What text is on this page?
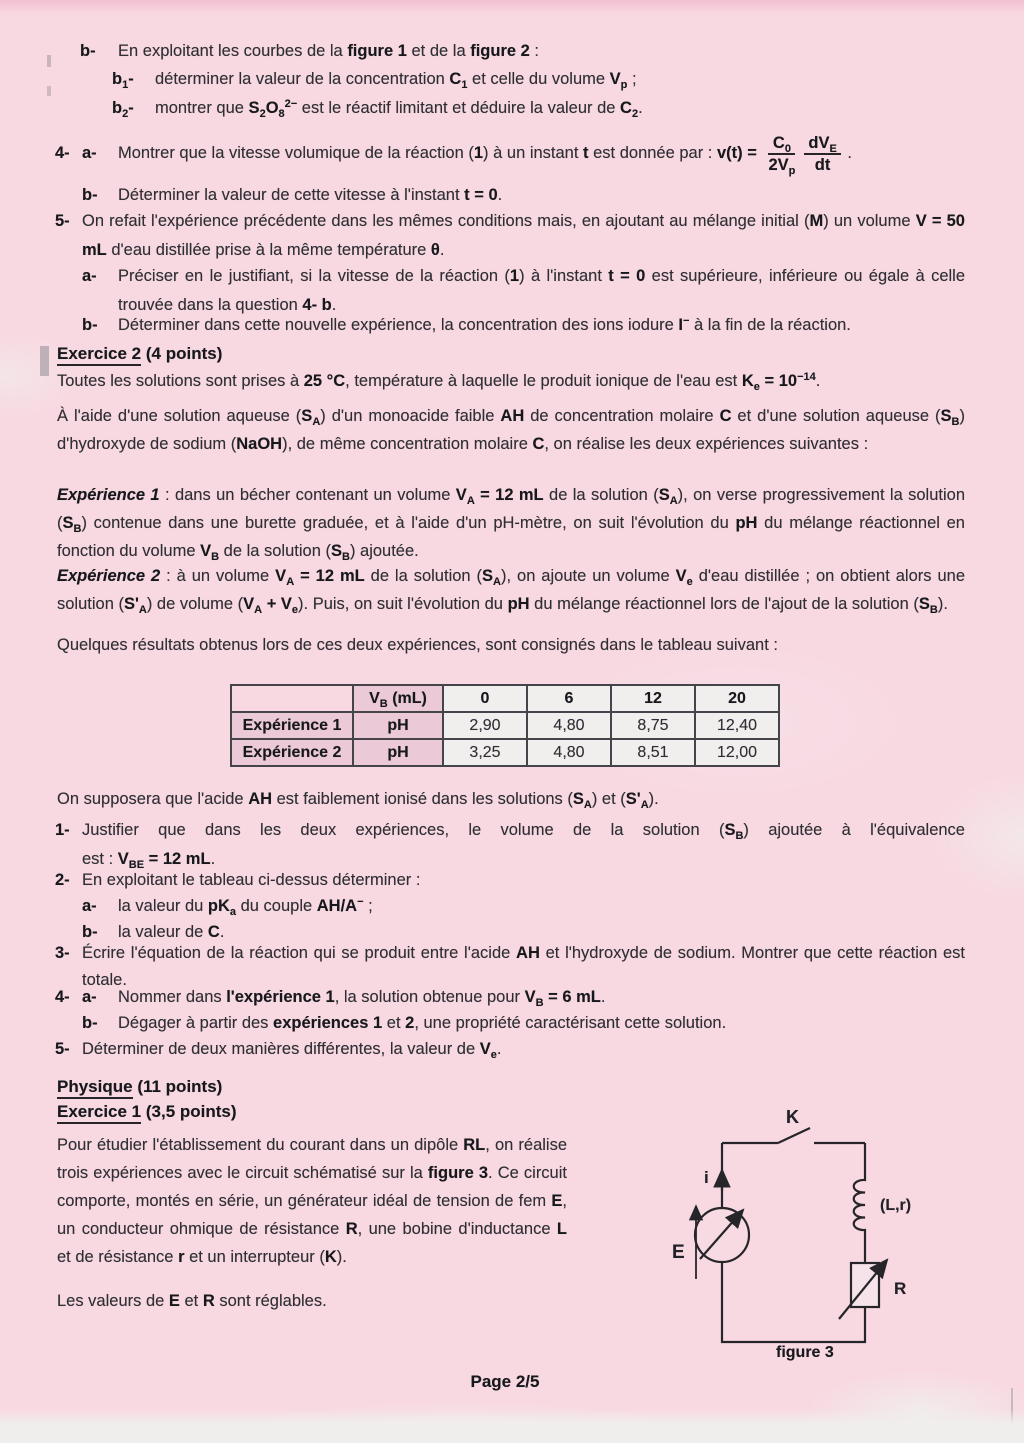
b-	En exploitant les courbes de la figure 1 et de la figure 2 :
$b_1-$	déterminer la valeur de la concentration $C_1$ et celle du volume $V_p$ ;
$b_2-$	montrer que $S_2O_8^{2-}$ est le réactif limitant et déduire la valeur de $C_2$.
4- a-	Montrer que la vitesse volumique de la réaction (1) à un instant t est donnée par : $v(t) = \frac{C_0}{2V_p} \frac{dV_E}{dt}$ .
b-	Déterminer la valeur de cette vitesse à l'instant t = 0.
5- On refait l'expérience précédente dans les mêmes conditions mais, en ajoutant au mélange initial (M) un volume V = 50 mL d'eau distillée prise à la même température θ.
a-	Préciser en le justifiant, si la vitesse de la réaction (1) à l'instant t = 0 est supérieure, inférieure ou égale à celle trouvée dans la question 4- b.
b-	Déterminer dans cette nouvelle expérience, la concentration des ions iodure I− à la fin de la réaction.
Exercice 2 (4 points)
Toutes les solutions sont prises à 25 °C, température à laquelle le produit ionique de l'eau est $K_e = 10^{-14}$.
À l'aide d'une solution aqueuse $(S_A)$ d'un monoacide faible AH de concentration molaire C et d'une solution aqueuse $(S_B)$ d'hydroxyde de sodium (NaOH), de même concentration molaire C, on réalise les deux expériences suivantes :
Expérience 1 : dans un bécher contenant un volume $V_A = 12$ mL de la solution $(S_A)$, on verse progressivement la solution $(S_B)$ contenue dans une burette graduée, et à l'aide d'un pH-mètre, on suit l'évolution du pH du mélange réactionnel en fonction du volume $V_B$ de la solution $(S_B)$ ajoutée.
Expérience 2 : à un volume $V_A = 12$ mL de la solution $(S_A)$, on ajoute un volume $V_e$ d'eau distillée ; on obtient alors une solution $(S'_A)$ de volume $(V_A + V_e)$. Puis, on suit l'évolution du pH du mélange réactionnel lors de l'ajout de la solution $(S_B)$.
Quelques résultats obtenus lors de ces deux expériences, sont consignés dans le tableau suivant :
	$V_B$ (mL)	0	6	12	20
Expérience 1	pH	2,90	4,80	8,75	12,40
Expérience 2	pH	3,25	4,80	8,51	12,00
On supposera que l'acide AH est faiblement ionisé dans les solutions $(S_A)$ et $(S'_A)$.
1- Justifier que dans les deux expériences, le volume de la solution $(S_B)$ ajoutée à l'équivalence
est : $V_{BE} = 12$ mL.
2- En exploitant le tableau ci-dessus déterminer :
a-	la valeur du $pK_a$ du couple AH/A− ;
b-	la valeur de C.
3- Écrire l'équation de la réaction qui se produit entre l'acide AH et l'hydroxyde de sodium. Montrer que cette réaction est totale.
4- a-	Nommer dans l'expérience 1, la solution obtenue pour $V_B = 6$ mL.
b-	Dégager à partir des expériences 1 et 2, une propriété caractérisant cette solution.
5- Déterminer de deux manières différentes, la valeur de $V_e$.
Physique (11 points)
Exercice 1 (3,5 points)
Pour étudier l'établissement du courant dans un dipôle RL, on réalise trois expériences avec le circuit schématisé sur la figure 3. Ce circuit comporte, montés en série, un générateur idéal de tension de fem E, un conducteur ohmique de résistance R, une bobine d'inductance L et de résistance r et un interrupteur (K).
Les valeurs de E et R sont réglables.
K
i
E
(L,r)
R
figure 3
Page 2/5
